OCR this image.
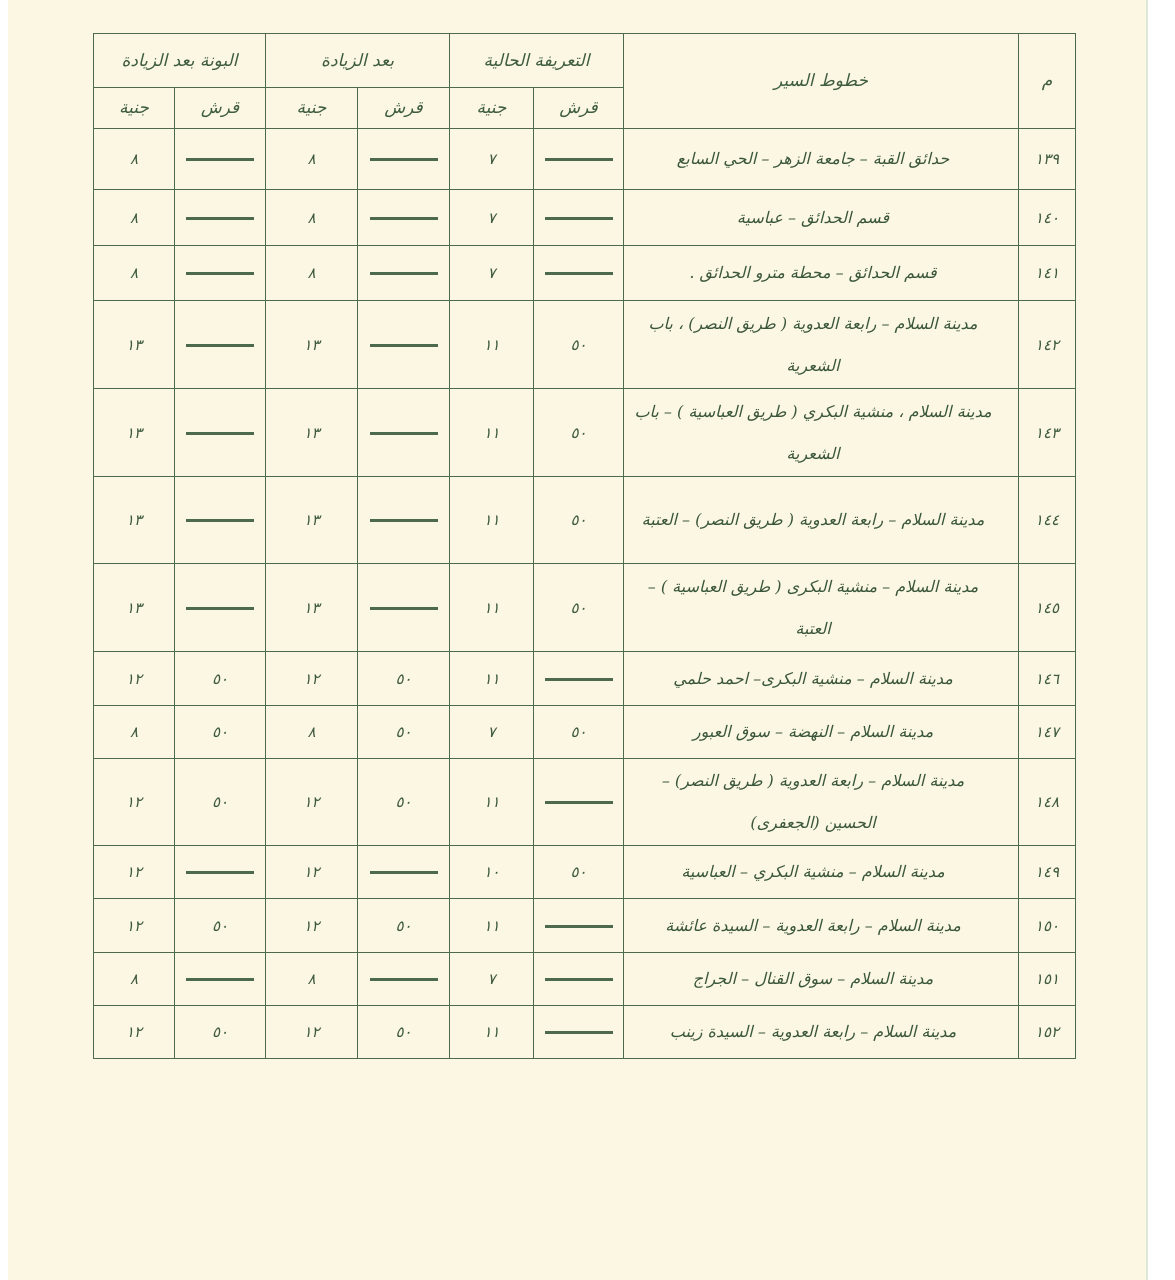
م	خطوط السير	التعريفة الحالية		بعد الزيادة		البونة بعد الزيادة	
		قرش	جنية	قرش	جنية	قرش	جنية
١٣٩	حدائق القبة – جامعة الزهر – الحي السابع		٧		٨		٨
١٤٠	قسم الحدائق – عباسية		٧		٨		٨
١٤١	قسم الحدائق – محطة مترو الحدائق .		٧		٨		٨
١٤٢	مدينة السلام – رابعة العدوية ( طريق النصر) ، باب الشعرية	٥٠	١١		١٣		١٣
١٤٣	مدينة السلام ، منشية البكري ( طريق العباسية ) – باب الشعرية	٥٠	١١		١٣		١٣
١٤٤	مدينة السلام – رابعة العدوية ( طريق النصر) – العتبة	٥٠	١١		١٣		١٣
١٤٥	مدينة السلام – منشية البكرى ( طريق العباسية ) – العتبة	٥٠	١١		١٣		١٣
١٤٦	مدينة السلام – منشية البكرى– احمد حلمي		١١	٥٠	١٢	٥٠	١٢
١٤٧	مدينة السلام – النهضة – سوق العبور	٥٠	٧	٥٠	٨	٥٠	٨
١٤٨	مدينة السلام – رابعة العدوية ( طريق النصر) – الحسين (الجعفرى)		١١	٥٠	١٢	٥٠	١٢
١٤٩	مدينة السلام – منشية البكري – العباسية	٥٠	١٠		١٢		١٢
١٥٠	مدينة السلام – رابعة العدوية – السيدة عائشة		١١	٥٠	١٢	٥٠	١٢
١٥١	مدينة السلام – سوق القنال – الجراج		٧		٨		٨
١٥٢	مدينة السلام – رابعة العدوية – السيدة زينب		١١	٥٠	١٢	٥٠	١٢
